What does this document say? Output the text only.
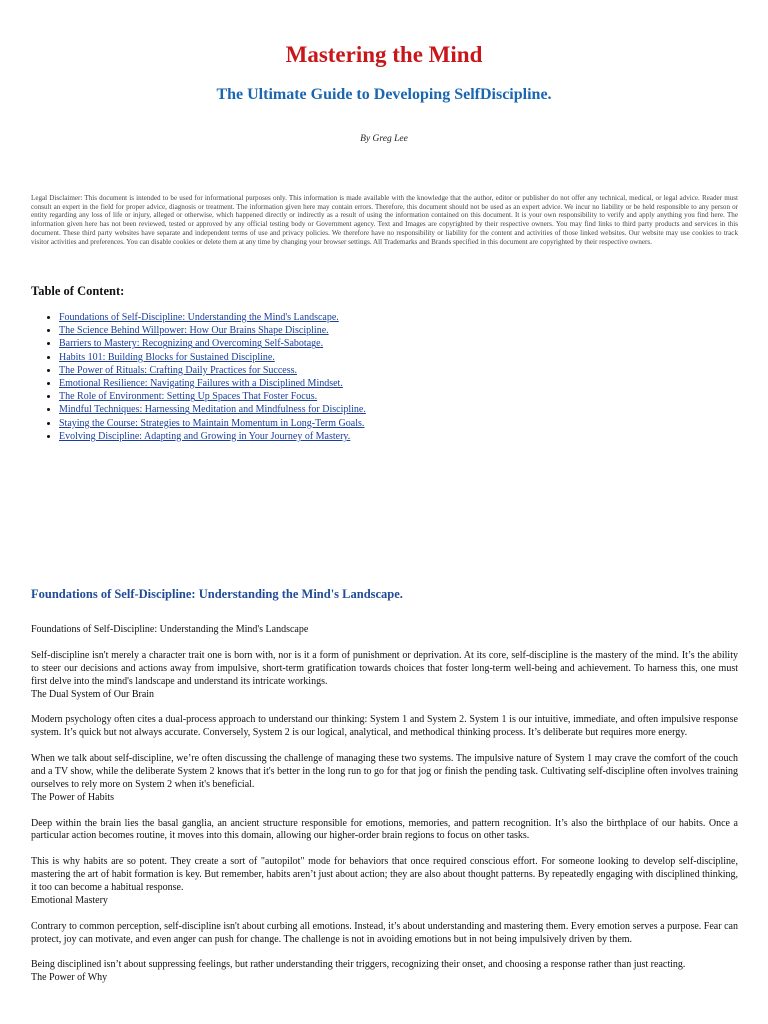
Mastering the Mind
The Ultimate Guide to Developing SelfDiscipline.
By Greg Lee

Legal Disclaimer: This document is intended to be used for informational purposes only. This information is made available with the knowledge that the author, editor or publisher do not offer any technical, medical, or legal advice. Reader must consult an expert in the field for proper advice, diagnosis or treatment. The information given here may contain errors. Therefore, this document should not be used as an expert advice. We incur no liability or be held responsible to any person or entity regarding any loss of life or injury, alleged or otherwise, which happened directly or indirectly as a result of using the information contained on this document. It is your own responsibility to verify and apply anything you find here. The information given here has not been reviewed, tested or approved by any official testing body or Government agency. Text and Images are copyrighted by their respective owners. You may find links to third party products and services in this document. These third party websites have separate and independent terms of use and privacy policies. We therefore have no responsibility or liability for the content and activities of those linked websites. Our website may use cookies to track visitor activities and preferences. You can disable cookies or delete them at any time by changing your browser settings. All Trademarks and Brands specified in this document are copyrighted by their respective owners.

Table of Content:
• Foundations of Self-Discipline: Understanding the Mind's Landscape.
• The Science Behind Willpower: How Our Brains Shape Discipline.
• Barriers to Mastery: Recognizing and Overcoming Self-Sabotage.
• Habits 101: Building Blocks for Sustained Discipline.
• The Power of Rituals: Crafting Daily Practices for Success.
• Emotional Resilience: Navigating Failures with a Disciplined Mindset.
• The Role of Environment: Setting Up Spaces That Foster Focus.
• Mindful Techniques: Harnessing Meditation and Mindfulness for Discipline.
• Staying the Course: Strategies to Maintain Momentum in Long-Term Goals.
• Evolving Discipline: Adapting and Growing in Your Journey of Mastery.
Foundations of Self-Discipline: Understanding the Mind's Landscape.

Foundations of Self-Discipline: Understanding the Mind's Landscape

Self-discipline isn't merely a character trait one is born with, nor is it a form of punishment or deprivation. At its core, self-discipline is the mastery of the mind. It’s the ability to steer our decisions and actions away from impulsive, short-term gratification towards choices that foster long-term well-being and achievement. To harness this, one must first delve into the mind's landscape and understand its intricate workings.
The Dual System of Our Brain

Modern psychology often cites a dual-process approach to understand our thinking: System 1 and System 2. System 1 is our intuitive, immediate, and often impulsive response system. It’s quick but not always accurate. Conversely, System 2 is our logical, analytical, and methodical thinking process. It’s deliberate but requires more energy.

When we talk about self-discipline, we’re often discussing the challenge of managing these two systems. The impulsive nature of System 1 may crave the comfort of the couch and a TV show, while the deliberate System 2 knows that it's better in the long run to go for that jog or finish the pending task. Cultivating self-discipline often involves training ourselves to rely more on System 2 when it's beneficial.
The Power of Habits

Deep within the brain lies the basal ganglia, an ancient structure responsible for emotions, memories, and pattern recognition. It’s also the birthplace of our habits. Once a particular action becomes routine, it moves into this domain, allowing our higher-order brain regions to focus on other tasks.

This is why habits are so potent. They create a sort of "autopilot" mode for behaviors that once required conscious effort. For someone looking to develop self-discipline, mastering the art of habit formation is key. But remember, habits aren’t just about action; they are also about thought patterns. By repeatedly engaging with disciplined thinking, it too can become a habitual response.
Emotional Mastery

Contrary to common perception, self-discipline isn't about curbing all emotions. Instead, it’s about understanding and mastering them. Every emotion serves a purpose. Fear can protect, joy can motivate, and even anger can push for change. The challenge is not in avoiding emotions but in not being impulsively driven by them.

Being disciplined isn’t about suppressing feelings, but rather understanding their triggers, recognizing their onset, and choosing a response rather than just reacting.
The Power of Why
